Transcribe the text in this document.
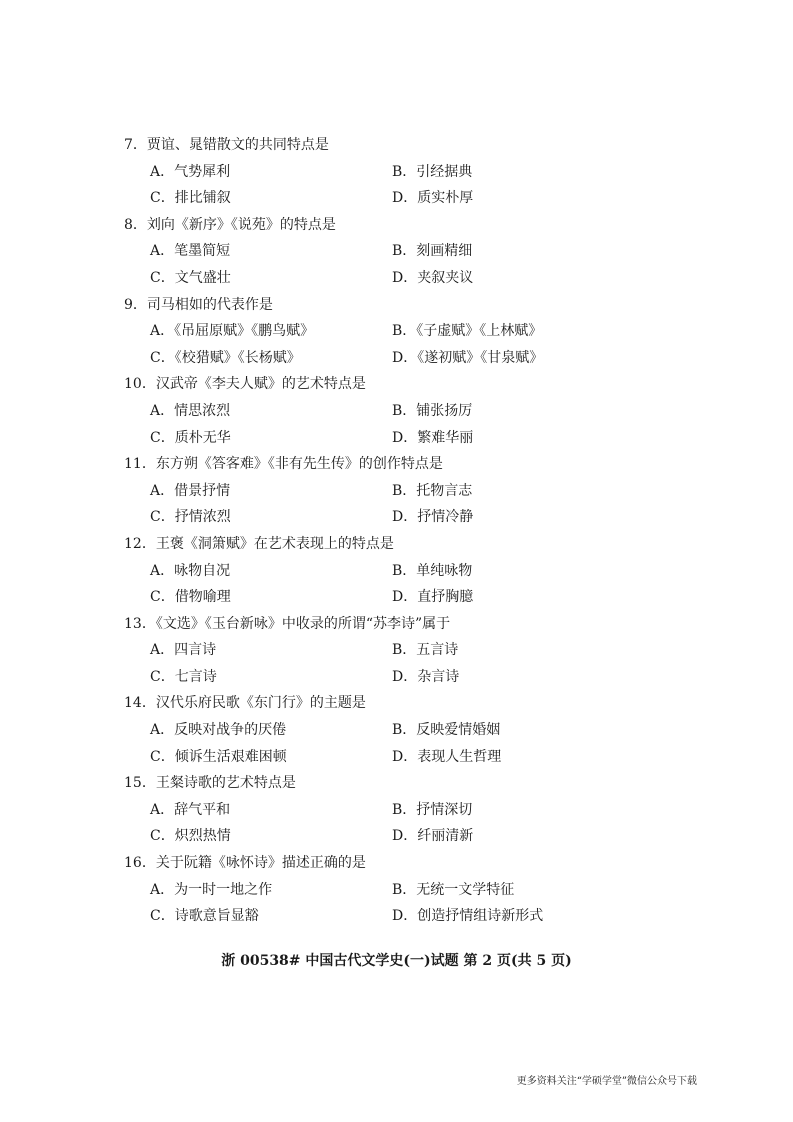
7．贾谊、晁错散文的共同特点是
A．气势犀利	B．引经据典
C．排比铺叙	D．质实朴厚
8．刘向《新序》《说苑》的特点是
A．笔墨简短	B．刻画精细
C．文气盛壮	D．夹叙夹议
9．司马相如的代表作是
A．《吊屈原赋》《鹏鸟赋》	B．《子虚赋》《上林赋》
C．《校猎赋》《长杨赋》	D．《遂初赋》《甘泉赋》
10．汉武帝《李夫人赋》的艺术特点是
A．情思浓烈	B．铺张扬厉
C．质朴无华	D．繁难华丽
11．东方朔《答客难》《非有先生传》的创作特点是
A．借景抒情	B．托物言志
C．抒情浓烈	D．抒情冷静
12．王褒《洞箫赋》在艺术表现上的特点是
A．咏物自况	B．单纯咏物
C．借物喻理	D．直抒胸臆
13．《文选》《玉台新咏》中收录的所谓“苏李诗”属于
A．四言诗	B．五言诗
C．七言诗	D．杂言诗
14．汉代乐府民歌《东门行》的主题是
A．反映对战争的厌倦	B．反映爱情婚姻
C．倾诉生活艰难困顿	D．表现人生哲理
15．王粲诗歌的艺术特点是
A．辞气平和	B．抒情深切
C．炽烈热情	D．纤丽清新
16．关于阮籍《咏怀诗》描述正确的是
A．为一时一地之作	B．无统一文学特征
C．诗歌意旨显豁	D．创造抒情组诗新形式
浙 00538# 中国古代文学史(一)试题 第 2 页(共 5 页)
更多资料关注“学硕学堂”微信公众号下载
